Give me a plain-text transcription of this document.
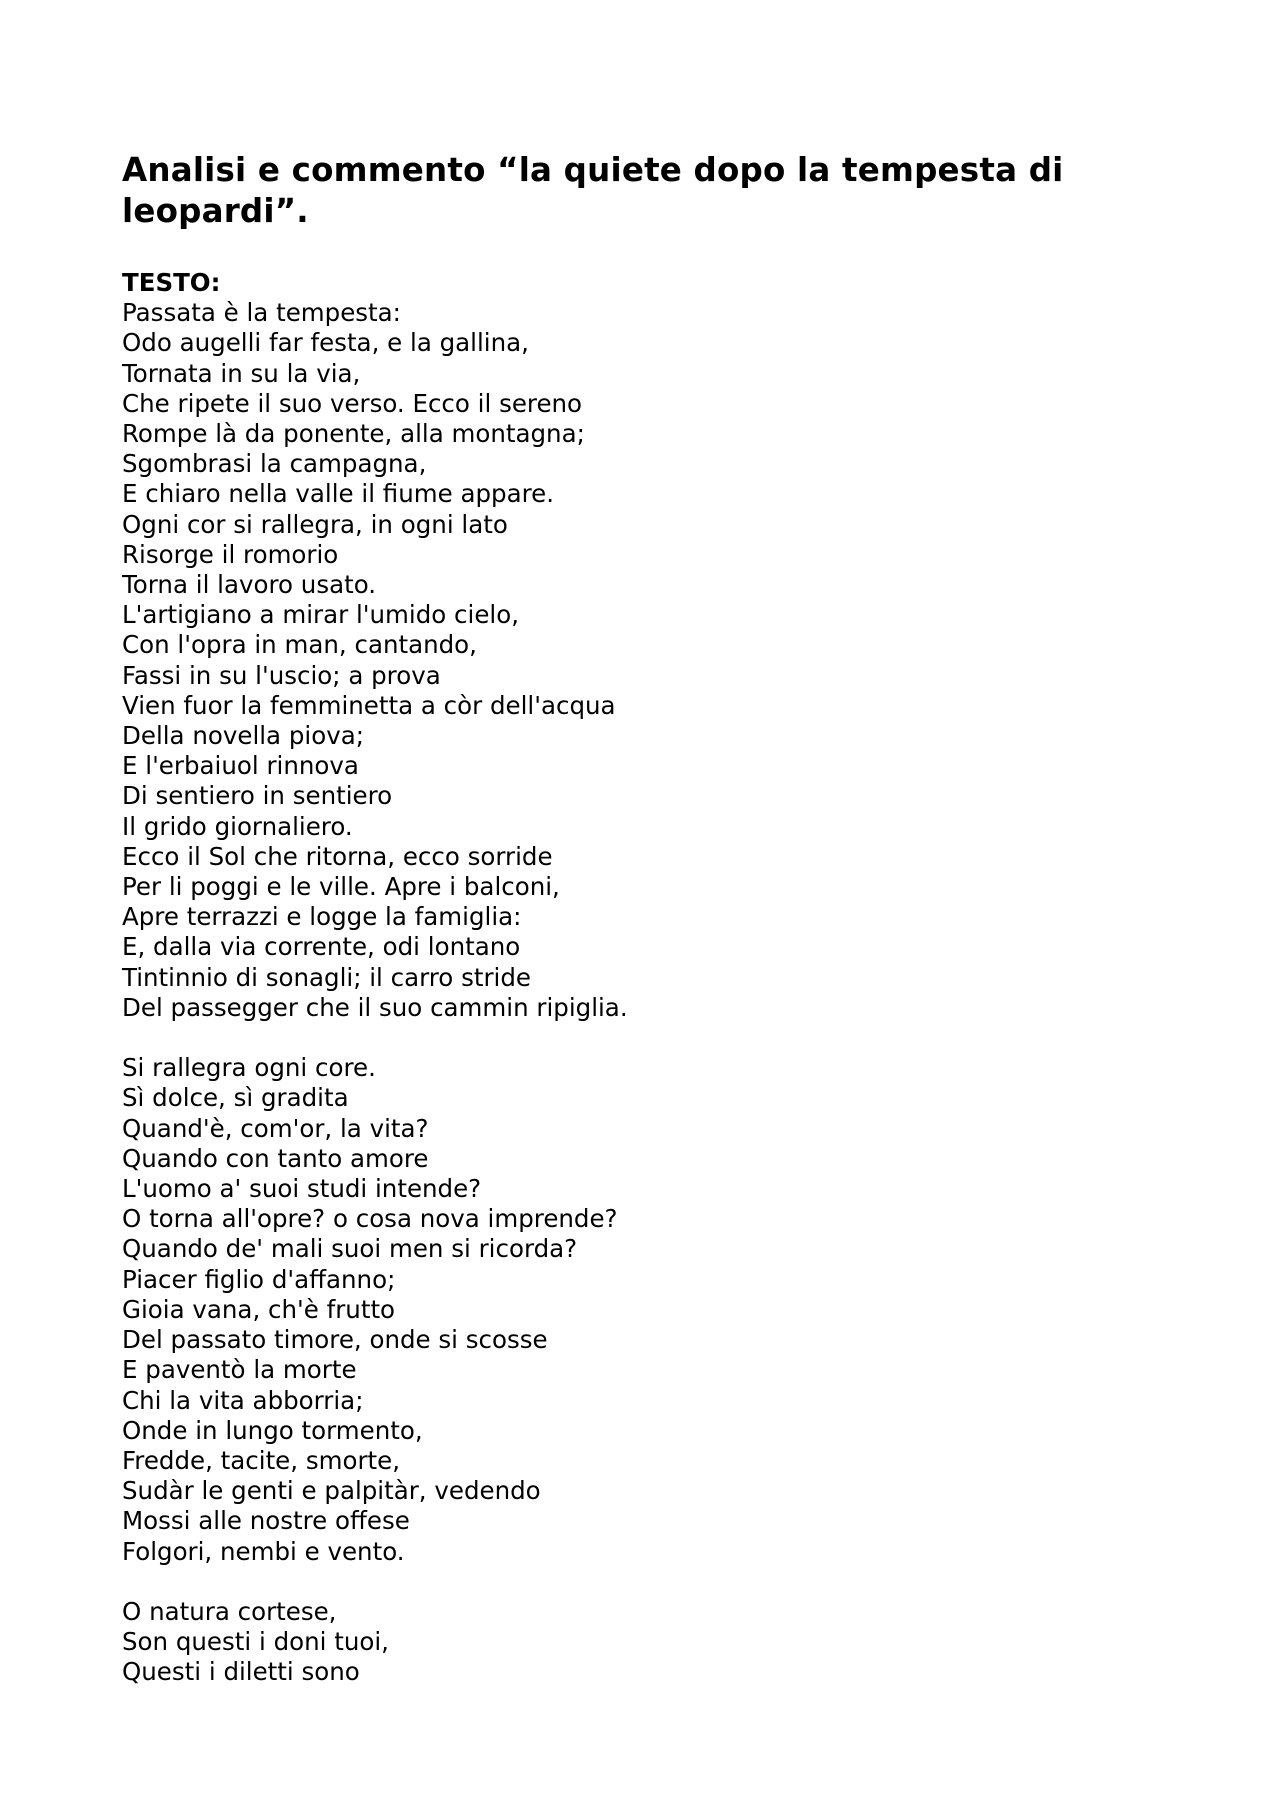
Analisi e commento “la quiete dopo la tempesta di leopardi”.
TESTO:
Passata è la tempesta:
Odo augelli far festa, e la gallina,
Tornata in su la via,
Che ripete il suo verso. Ecco il sereno
Rompe là da ponente, alla montagna;
Sgombrasi la campagna,
E chiaro nella valle il fiume appare.
Ogni cor si rallegra, in ogni lato
Risorge il romorio
Torna il lavoro usato.
L'artigiano a mirar l'umido cielo,
Con l'opra in man, cantando,
Fassi in su l'uscio; a prova
Vien fuor la femminetta a còr dell'acqua
Della novella piova;
E l'erbaiuol rinnova
Di sentiero in sentiero
Il grido giornaliero.
Ecco il Sol che ritorna, ecco sorride
Per li poggi e le ville. Apre i balconi,
Apre terrazzi e logge la famiglia:
E, dalla via corrente, odi lontano
Tintinnio di sonagli; il carro stride
Del passegger che il suo cammin ripiglia.
Si rallegra ogni core.
Sì dolce, sì gradita
Quand'è, com'or, la vita?
Quando con tanto amore
L'uomo a' suoi studi intende?
O torna all'opre? o cosa nova imprende?
Quando de' mali suoi men si ricorda?
Piacer figlio d'affanno;
Gioia vana, ch'è frutto
Del passato timore, onde si scosse
E paventò la morte
Chi la vita abborria;
Onde in lungo tormento,
Fredde, tacite, smorte,
Sudàr le genti e palpitàr, vedendo
Mossi alle nostre offese
Folgori, nembi e vento.
O natura cortese,
Son questi i doni tuoi,
Questi i diletti sono
